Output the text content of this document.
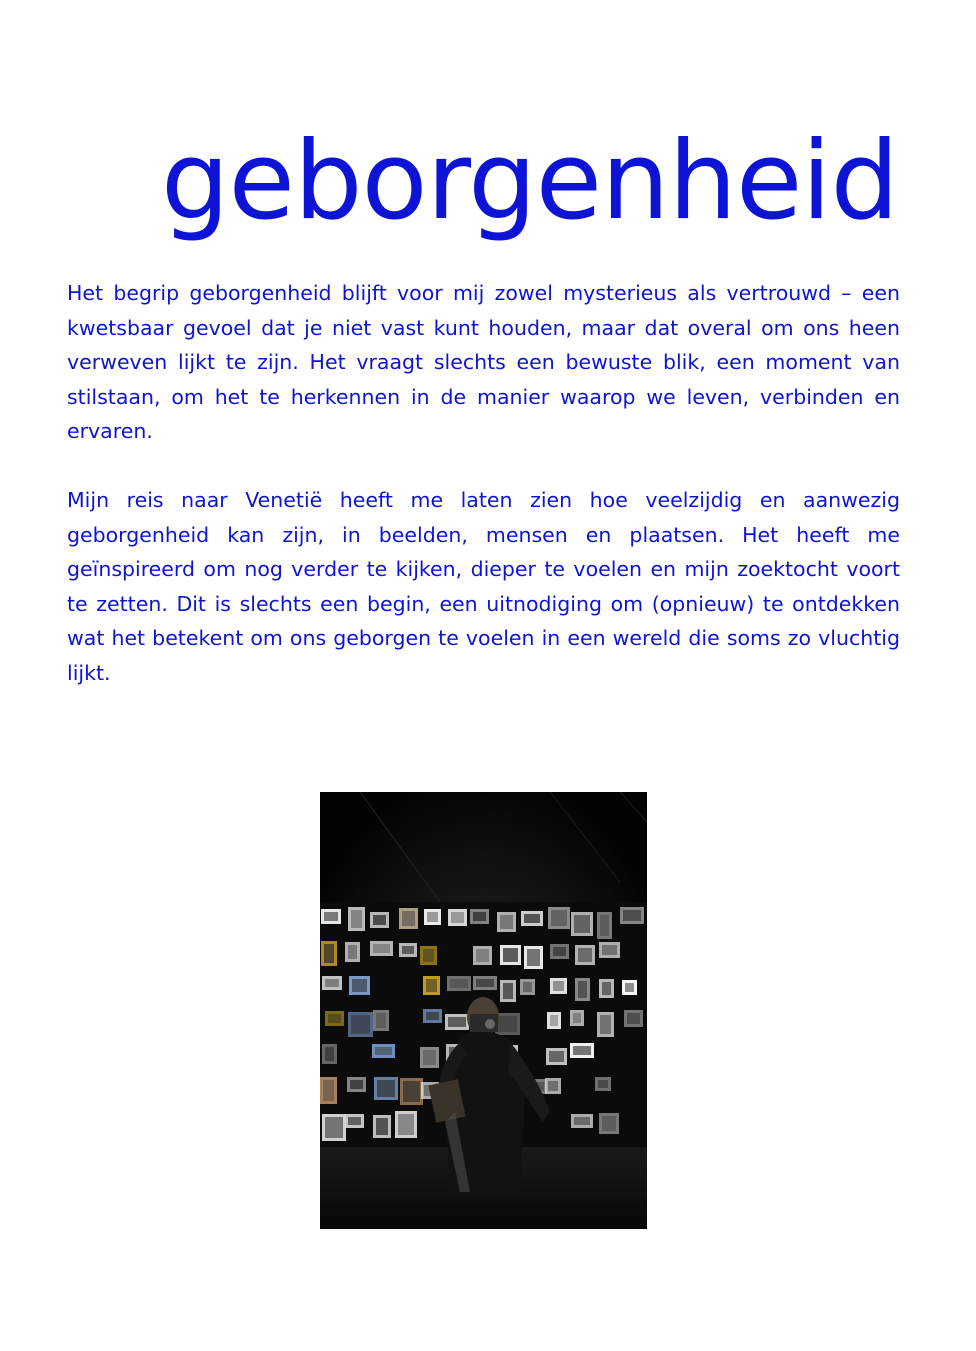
geborgenheid

Het begrip geborgenheid blijft voor mij zowel mysterieus als vertrouwd – een kwetsbaar gevoel dat je niet vast kunt houden, maar dat overal om ons heen verweven lijkt te zijn. Het vraagt slechts een bewuste blik, een moment van stilstaan, om het te herkennen in de manier waarop we leven, verbinden en ervaren.

Mijn reis naar Venetië heeft me laten zien hoe veelzijdig en aanwezig geborgenheid kan zijn, in beelden, mensen en plaatsen. Het heeft me geïnspireerd om nog verder te kijken, dieper te voelen en mijn zoektocht voort te zetten. Dit is slechts een begin, een uitnodiging om (opnieuw) te ontdekken wat het betekent om ons geborgen te voelen in een wereld die soms zo vluchtig lijkt.
